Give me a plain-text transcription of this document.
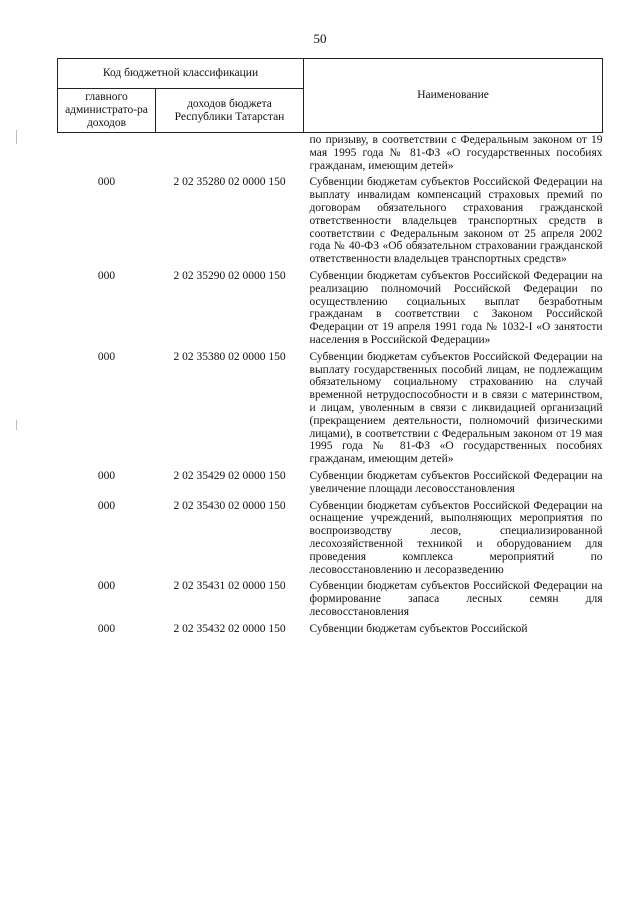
50
Код бюджетной классификации		Наименование
главного администрато-ра доходов	доходов бюджета Республики Татарстан	
		по призыву, в соответствии с Федеральным законом от 19 мая 1995 года № 81-ФЗ «О государственных пособиях гражданам, имеющим детей»
000	2 02 35280 02 0000 150	Субвенции бюджетам субъектов Российской Федерации на выплату инвалидам компенсаций страховых премий по договорам обязательного страхования гражданской ответственности владельцев транспортных средств в соответствии с Федеральным законом от 25 апреля 2002 года № 40-ФЗ «Об обязательном страховании гражданской ответственности владельцев транспортных средств»
000	2 02 35290 02 0000 150	Субвенции бюджетам субъектов Российской Федерации на реализацию полномочий Российской Федерации по осуществлению социальных выплат безработным гражданам в соответствии с Законом Российской Федерации от 19 апреля 1991 года № 1032-I «О занятости населения в Российской Федерации»
000	2 02 35380 02 0000 150	Субвенции бюджетам субъектов Российской Федерации на выплату государственных пособий лицам, не подлежащим обязательному социальному страхованию на случай временной нетрудоспособности и в связи с материнством, и лицам, уволенным в связи с ликвидацией организаций (прекращением деятельности, полномочий физическими лицами), в соответствии с Федеральным законом от 19 мая 1995 года № 81-ФЗ «О государственных пособиях гражданам, имеющим детей»
000	2 02 35429 02 0000 150	Субвенции бюджетам субъектов Российской Федерации на увеличение площади лесовосстановления
000	2 02 35430 02 0000 150	Субвенции бюджетам субъектов Российской Федерации на оснащение учреждений, выполняющих мероприятия по воспроизводству лесов, специализированной лесохозяйственной техникой и оборудованием для проведения комплекса мероприятий по лесовосстановлению и лесоразведению
000	2 02 35431 02 0000 150	Субвенции бюджетам субъектов Российской Федерации на формирование запаса лесных семян для лесовосстановления
000	2 02 35432 02 0000 150	Субвенции бюджетам субъектов Российской
